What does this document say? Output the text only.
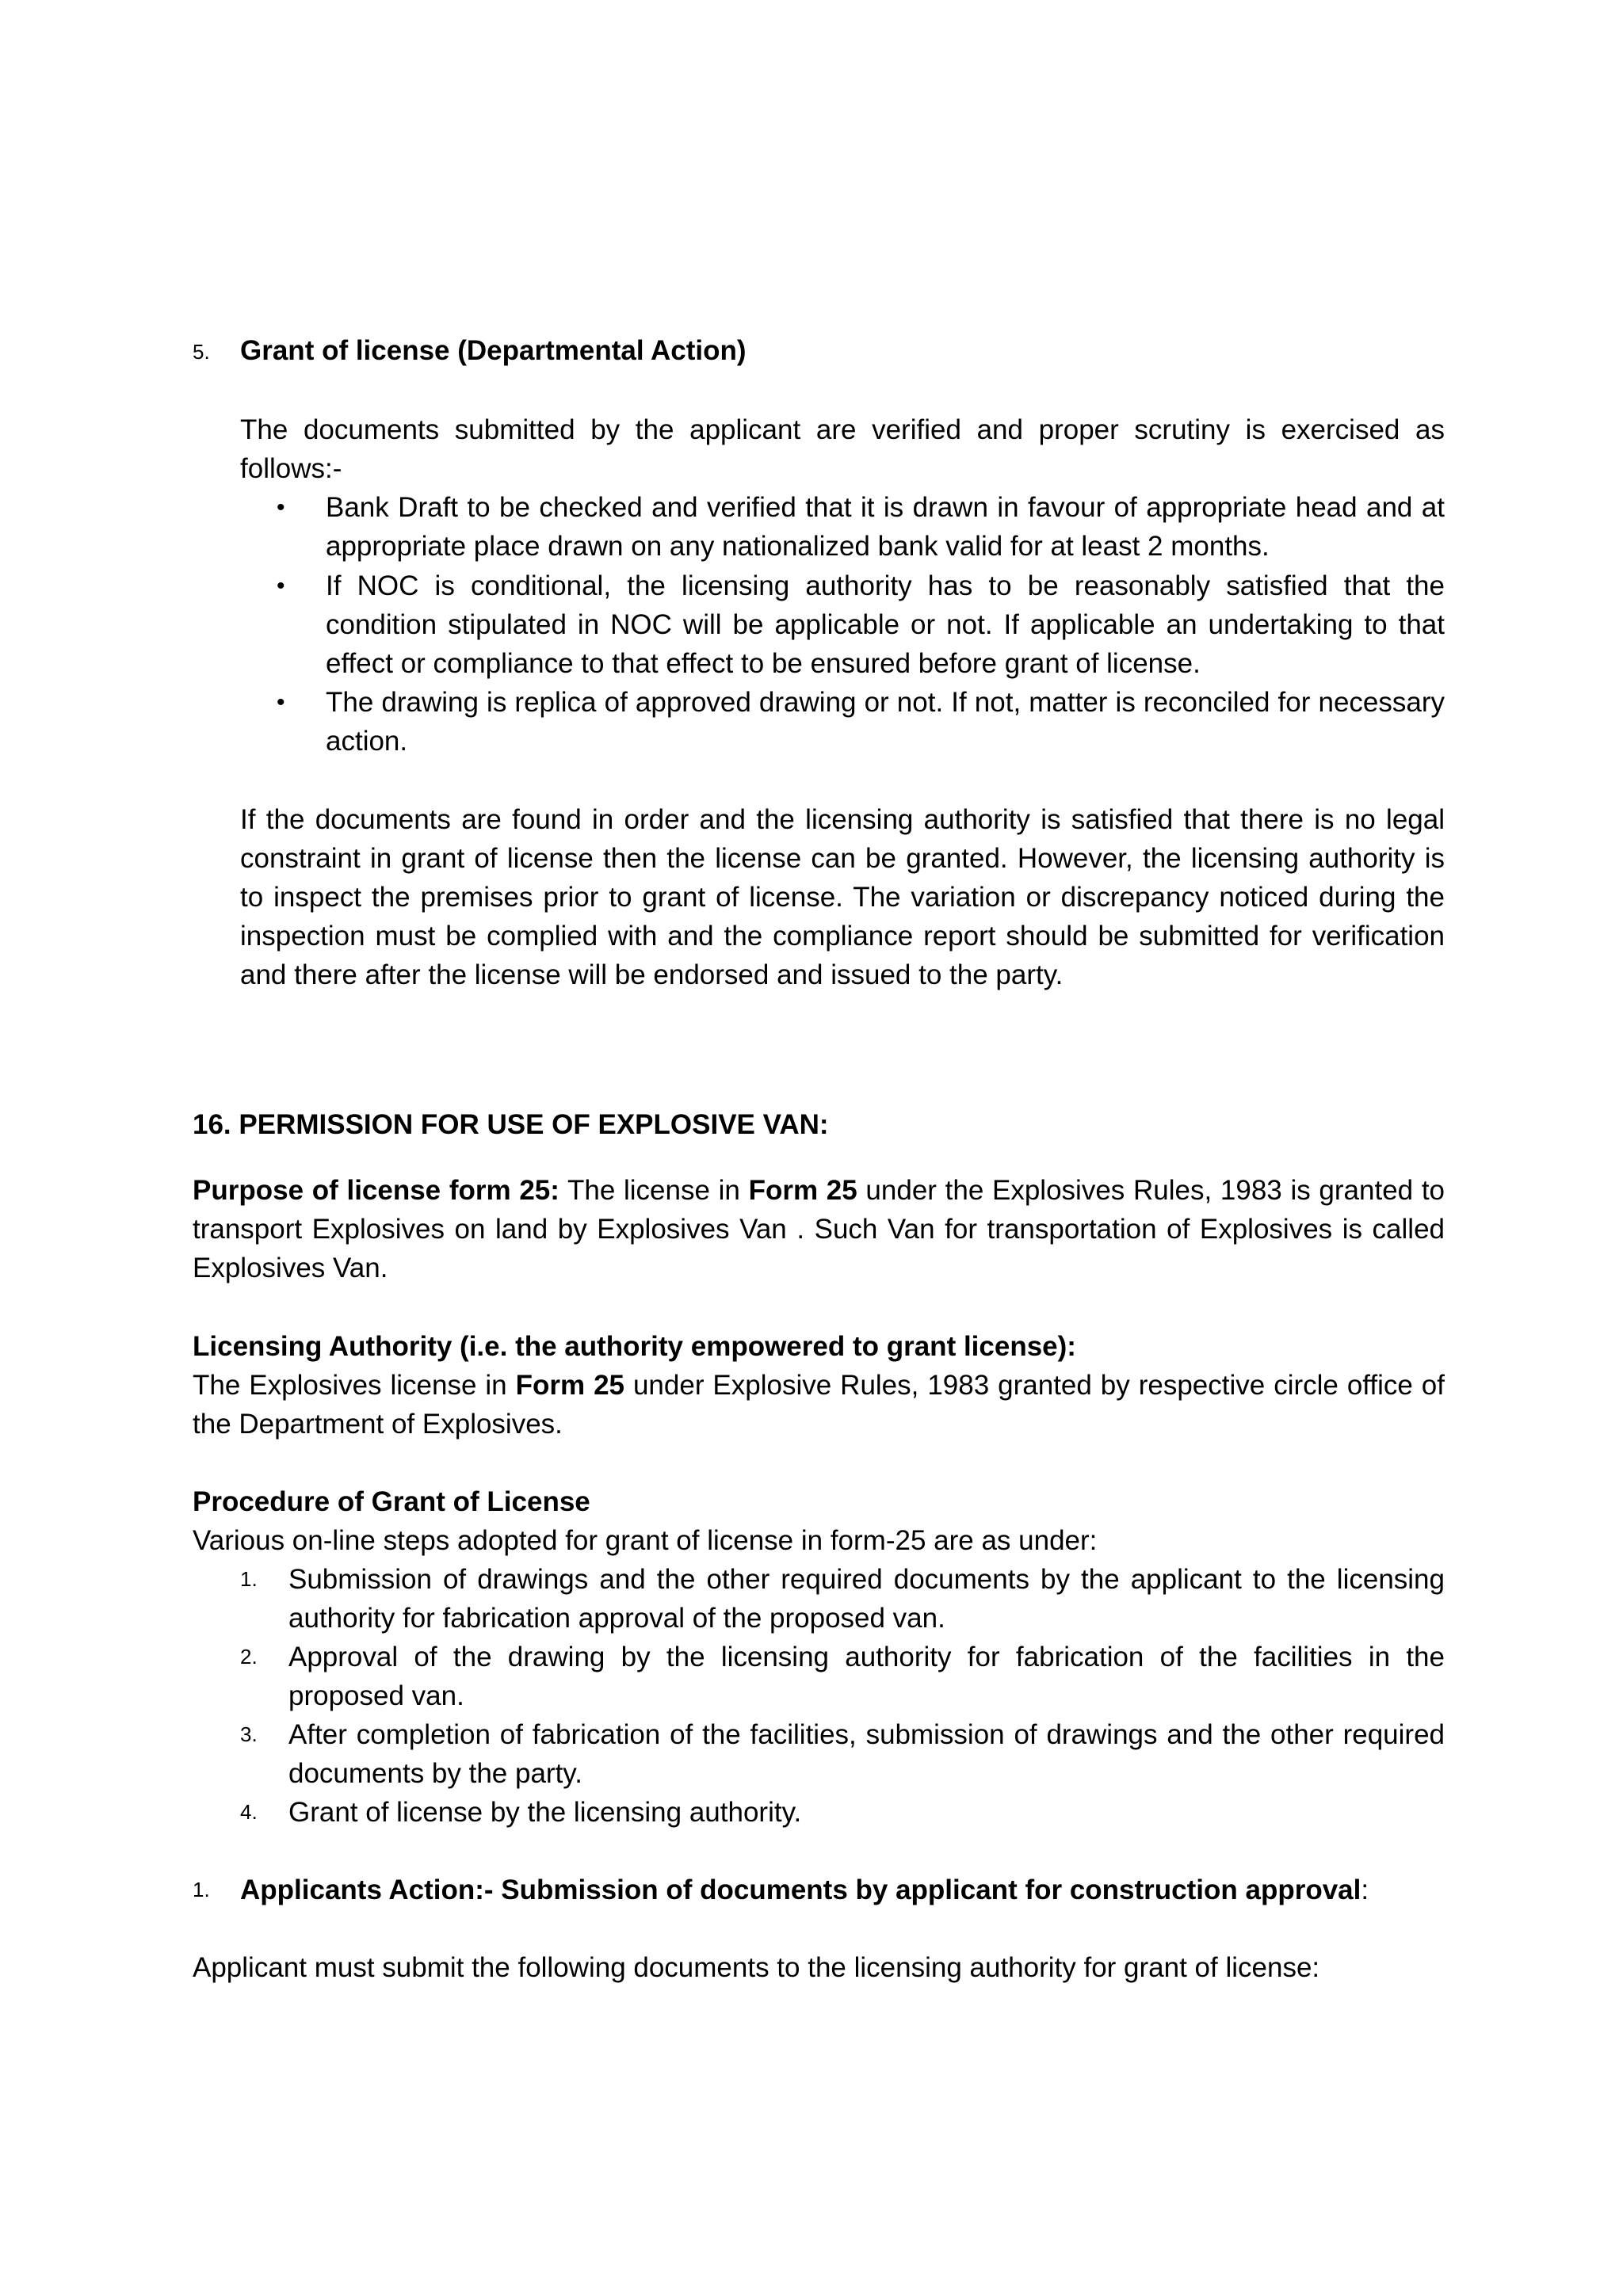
5. Grant of license (Departmental Action)
The documents submitted by the applicant are verified and proper scrutiny is exercised as follows:-
• Bank Draft to be checked and verified that it is drawn in favour of appropriate head and at appropriate place drawn on any nationalized bank valid for at least 2 months.
• If NOC is conditional, the licensing authority has to be reasonably satisfied that the condition stipulated in NOC will be applicable or not. If applicable an undertaking to that effect or compliance to that effect to be ensured before grant of license.
• The drawing is replica of approved drawing or not. If not, matter is reconciled for necessary action.
If the documents are found in order and the licensing authority is satisfied that there is no legal constraint in grant of license then the license can be granted. However, the licensing authority is to inspect the premises prior to grant of license. The variation or discrepancy noticed during the inspection must be complied with and the compliance report should be submitted for verification and there after the license will be endorsed and issued to the party.
16. PERMISSION FOR USE OF EXPLOSIVE VAN:
Purpose of license form 25: The license in Form 25 under the Explosives Rules, 1983 is granted to transport Explosives on land by Explosives Van . Such Van for transportation of Explosives is called Explosives Van.
Licensing Authority (i.e. the authority empowered to grant license):
The Explosives license in Form 25 under Explosive Rules, 1983 granted by respective circle office of the Department of Explosives.
Procedure of Grant of License
Various on-line steps adopted for grant of license in form-25 are as under:
1. Submission of drawings and the other required documents by the applicant to the licensing authority for fabrication approval of the proposed van.
2. Approval of the drawing by the licensing authority for fabrication of the facilities in the proposed van.
3. After completion of fabrication of the facilities, submission of drawings and the other required documents by the party.
4. Grant of license by the licensing authority.
1. Applicants Action:- Submission of documents by applicant for construction approval:
Applicant must submit the following documents to the licensing authority for grant of license:
